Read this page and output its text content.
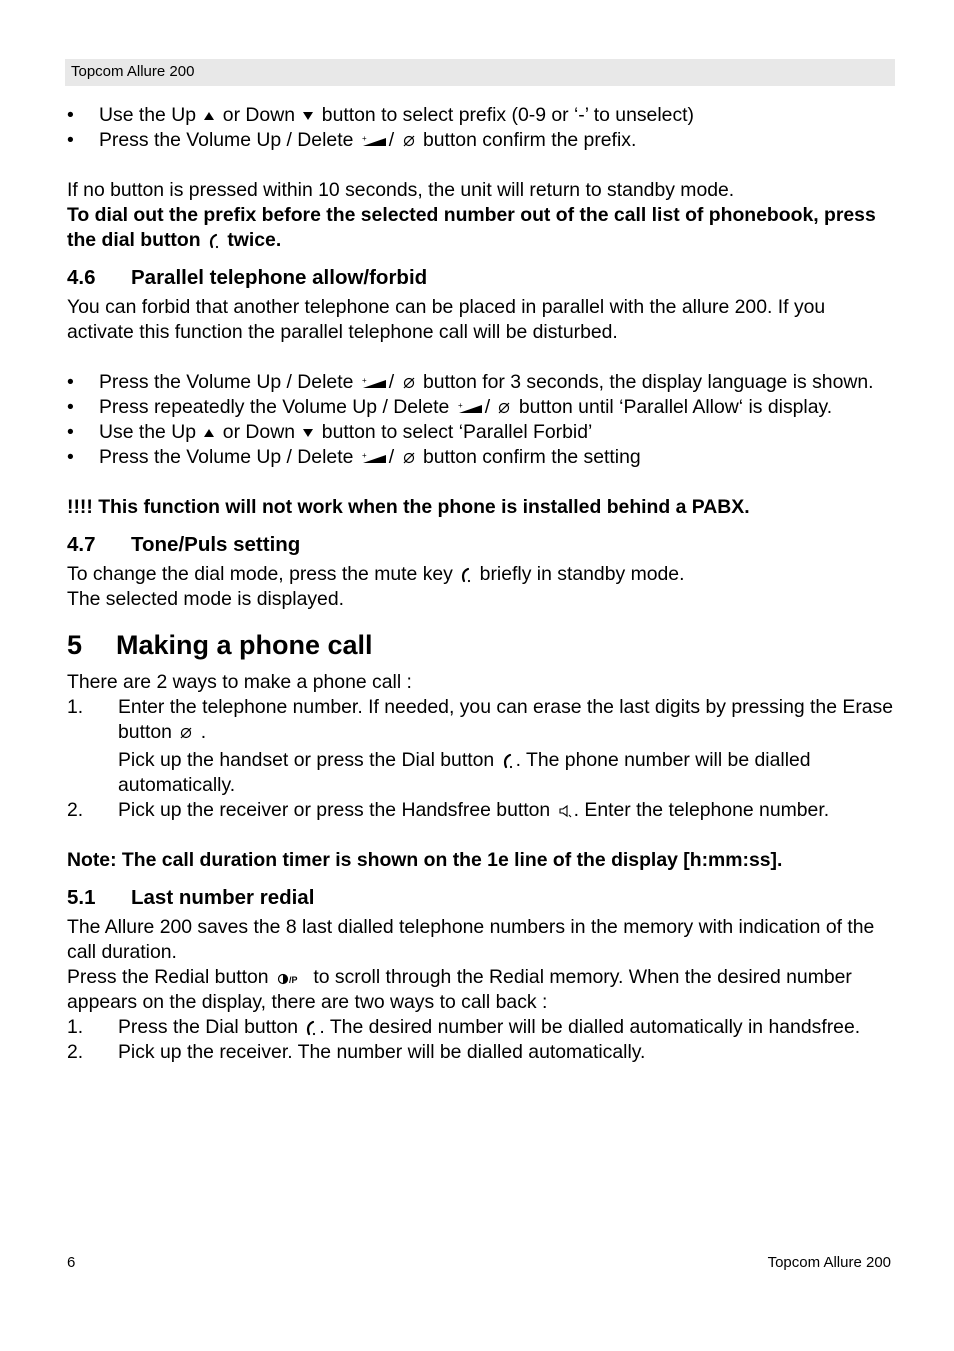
Topcom Allure 200

• Use the Up or Down button to select prefix (0-9 or ‘-’ to unselect)

• Press the Volume Up / Delete / button confirm the prefix.

If no button is pressed within 10 seconds, the unit will return to standby mode.

To dial out the prefix before the selected number out of the call list of phonebook, press the dial button twice.

4.6 Parallel telephone allow/forbid

You can forbid that another telephone can be placed in parallel with the allure 200. If you activate this function the parallel telephone call will be disturbed.

• Press the Volume Up / Delete / button for 3 seconds, the display language is shown.

• Press repeatedly the Volume Up / Delete / button until ‘Parallel Allow‘ is display.

• Use the Up or Down button to select ‘Parallel Forbid’

• Press the Volume Up / Delete / button confirm the setting

!!!! This function will not work when the phone is installed behind a PABX.

4.7 Tone/Puls setting

To change the dial mode, press the mute key briefly in standby mode.

The selected mode is displayed.

5 Making a phone call

There are 2 ways to make a phone call :

1. Enter the telephone number. If needed, you can erase the last digits by pressing the Erase button .

Pick up the handset or press the Dial button . The phone number will be dialled automatically.

2. Pick up the receiver or press the Handsfree button . Enter the telephone number.

Note: The call duration timer is shown on the 1e line of the display [h:mm:ss].

5.1 Last number redial

The Allure 200 saves the 8 last dialled telephone numbers in the memory with indication of the call duration.

Press the Redial button to scroll through the Redial memory. When the desired number appears on the display, there are two ways to call back :

1. Press the Dial button . The desired number will be dialled automatically in handsfree.

2. Pick up the receiver. The number will be dialled automatically.

6	Topcom Allure 200
